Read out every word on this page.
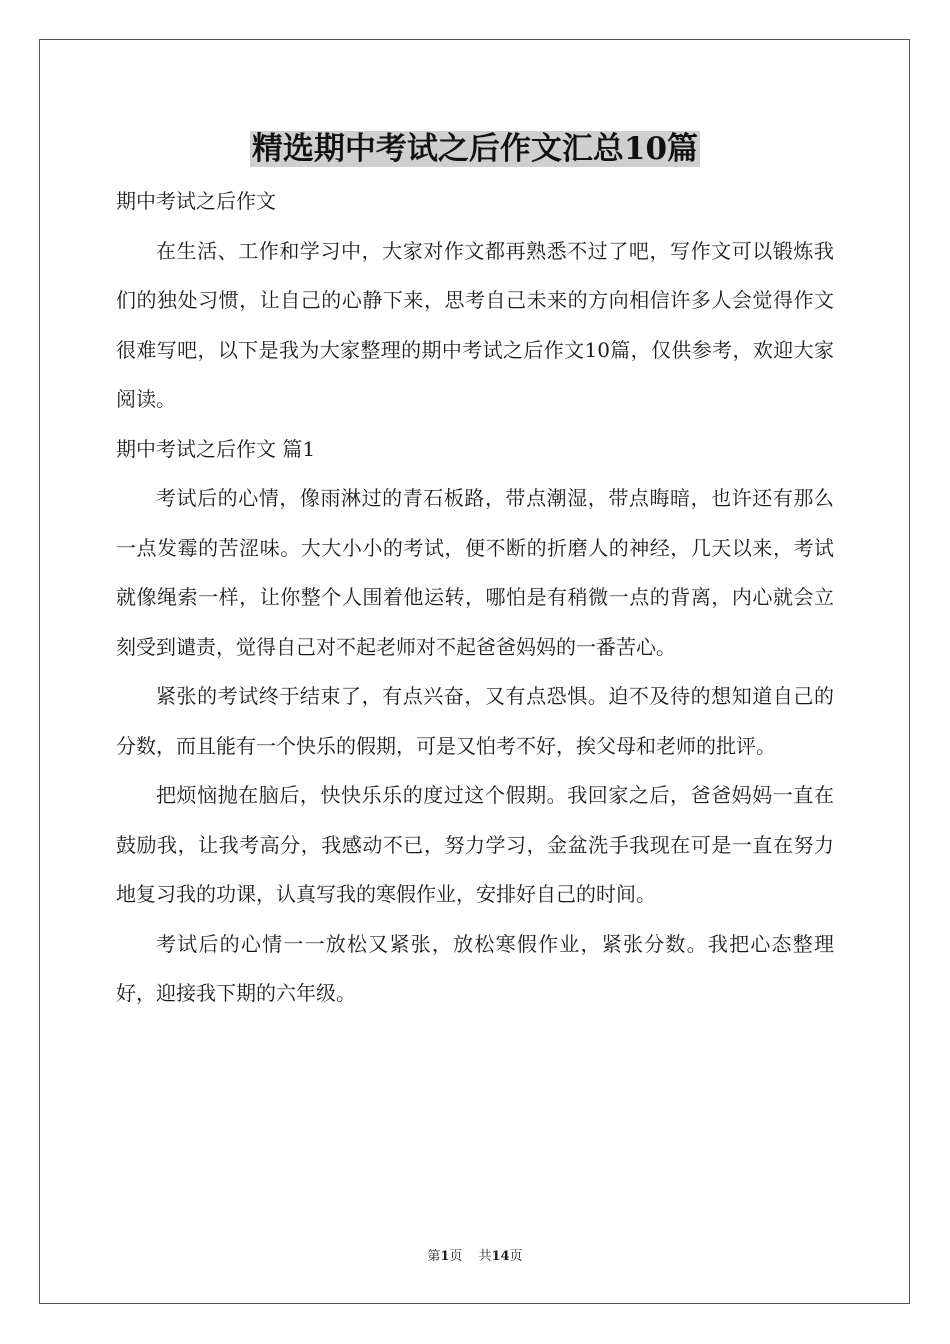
精选期中考试之后作文汇总10篇

期中考试之后作文

在生活、工作和学习中，大家对作文都再熟悉不过了吧，写作文可以锻炼我们的独处习惯，让自己的心静下来，思考自己未来的方向相信许多人会觉得作文很难写吧，以下是我为大家整理的期中考试之后作文10篇，仅供参考，欢迎大家阅读。

期中考试之后作文 篇1

考试后的心情，像雨淋过的青石板路，带点潮湿，带点晦暗，也许还有那么一点发霉的苦涩味。大大小小的考试，便不断的折磨人的神经，几天以来，考试就像绳索一样，让你整个人围着他运转，哪怕是有稍微一点的背离，内心就会立刻受到谴责，觉得自己对不起老师对不起爸爸妈妈的一番苦心。

紧张的考试终于结束了，有点兴奋，又有点恐惧。迫不及待的想知道自己的分数，而且能有一个快乐的假期，可是又怕考不好，挨父母和老师的批评。

把烦恼抛在脑后，快快乐乐的度过这个假期。我回家之后，爸爸妈妈一直在鼓励我，让我考高分，我感动不已，努力学习，金盆洗手我现在可是一直在努力地复习我的功课，认真写我的寒假作业，安排好自己的时间。

考试后的心情一一放松又紧张，放松寒假作业，紧张分数。我把心态整理好，迎接我下期的六年级。

第1页 共14页
